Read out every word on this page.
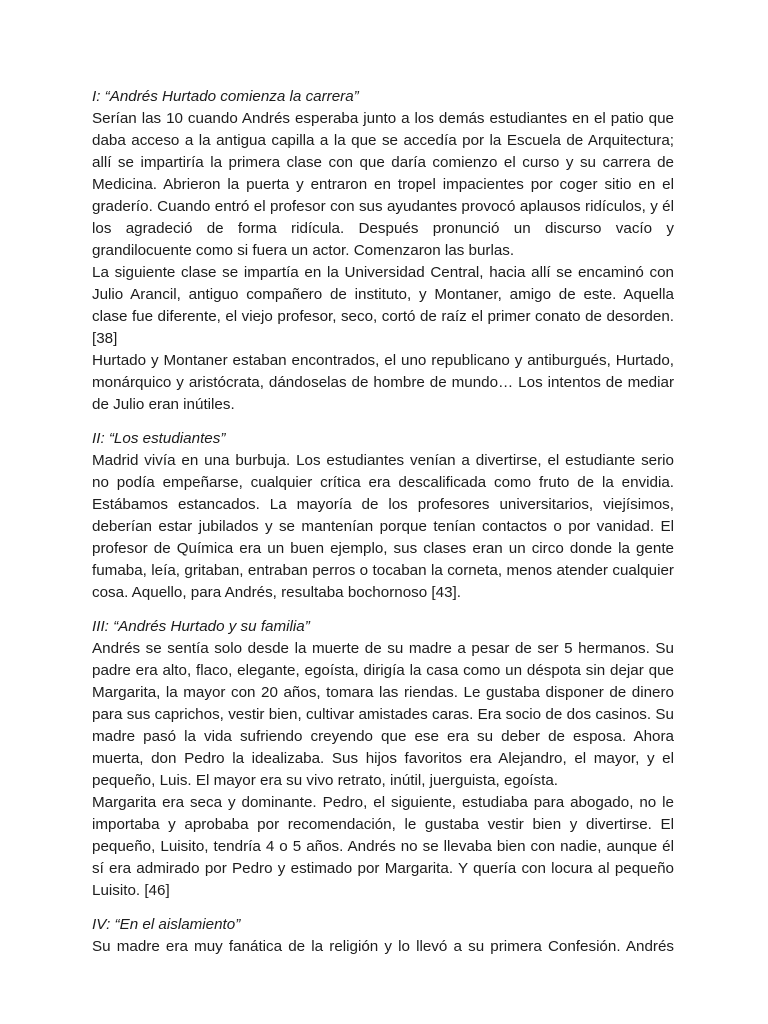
I: “Andrés Hurtado comienza la carrera”

Serían las 10 cuando Andrés esperaba junto a los demás estudiantes en el patio que daba acceso a la antigua capilla a la que se accedía por la Escuela de Arquitectura; allí se impartiría la primera clase con que daría comienzo el curso y su carrera de Medicina. Abrieron la puerta y entraron en tropel impacientes por coger sitio en el graderío. Cuando entró el profesor con sus ayudantes provocó aplausos ridículos, y él los agradeció de forma ridícula. Después pronunció un discurso vacío y grandilocuente como si fuera un actor. Comenzaron las burlas.

La siguiente clase se impartía en la Universidad Central, hacia allí se encaminó con Julio Arancil, antiguo compañero de instituto, y Montaner, amigo de este. Aquella clase fue diferente, el viejo profesor, seco, cortó de raíz el primer conato de desorden.[38]

Hurtado y Montaner estaban encontrados, el uno republicano y antiburgués, Hurtado, monárquico y aristócrata, dándoselas de hombre de mundo… Los intentos de mediar de Julio eran inútiles.

II: “Los estudiantes”

Madrid vivía en una burbuja. Los estudiantes venían a divertirse, el estudiante serio no podía empeñarse, cualquier crítica era descalificada como fruto de la envidia. Estábamos estancados. La mayoría de los profesores universitarios, viejísimos, deberían estar jubilados y se mantenían porque tenían contactos o por vanidad. El profesor de Química era un buen ejemplo, sus clases eran un circo donde la gente fumaba, leía, gritaban, entraban perros o tocaban la corneta, menos atender cualquier cosa. Aquello, para Andrés, resultaba bochornoso [43].

III: “Andrés Hurtado y su familia”

Andrés se sentía solo desde la muerte de su madre a pesar de ser 5 hermanos. Su padre era alto, flaco, elegante, egoísta, dirigía la casa como un déspota sin dejar que Margarita, la mayor con 20 años, tomara las riendas. Le gustaba disponer de dinero para sus caprichos, vestir bien, cultivar amistades caras. Era socio de dos casinos. Su madre pasó la vida sufriendo creyendo que ese era su deber de esposa. Ahora muerta, don Pedro la idealizaba. Sus hijos favoritos era Alejandro, el mayor, y el pequeño, Luis. El mayor era su vivo retrato, inútil, juerguista, egoísta.

Margarita era seca y dominante. Pedro, el siguiente, estudiaba para abogado, no le importaba y aprobaba por recomendación, le gustaba vestir bien y divertirse. El pequeño, Luisito, tendría 4 o 5 años. Andrés no se llevaba bien con nadie, aunque él sí era admirado por Pedro y estimado por Margarita. Y quería con locura al pequeño Luisito. [46]

IV: “En el aislamiento”

Su madre era muy fanática de la religión y lo llevó a su primera Confesión. Andrés
